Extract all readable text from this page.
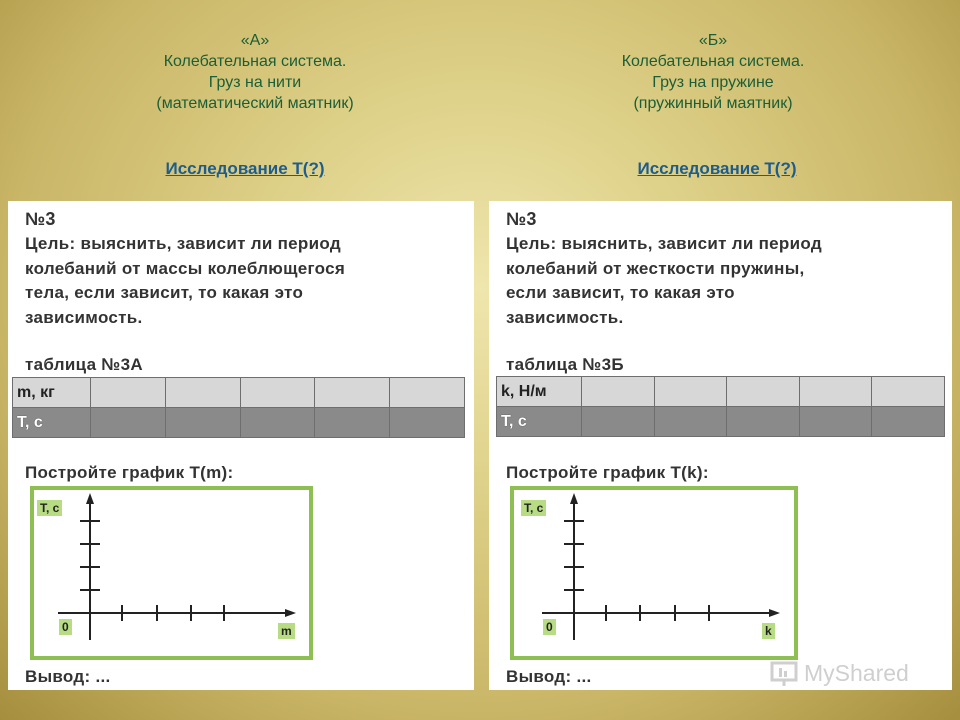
«А»
Колебательная система.
Груз на нити
(математический маятник)
Исследование Т(?)
«Б»
Колебательная система.
Груз на пружине
(пружинный маятник)
Исследование Т(?)
№3
Цель: выяснить, зависит ли период
колебаний от массы колеблющегося
тела, если зависит, то какая это
зависимость.
таблица №3А
m, кг					
T, с					
Постройте график T(m):
T, с
0	m
Вывод: ...
№3
Цель: выяснить, зависит ли период
колебаний от жесткости пружины,
если зависит, то какая это
зависимость.
таблица №3Б
k, Н/м					
T, с					
Постройте график T(k):
T, с
0	k
Вывод: ...	MyShared
